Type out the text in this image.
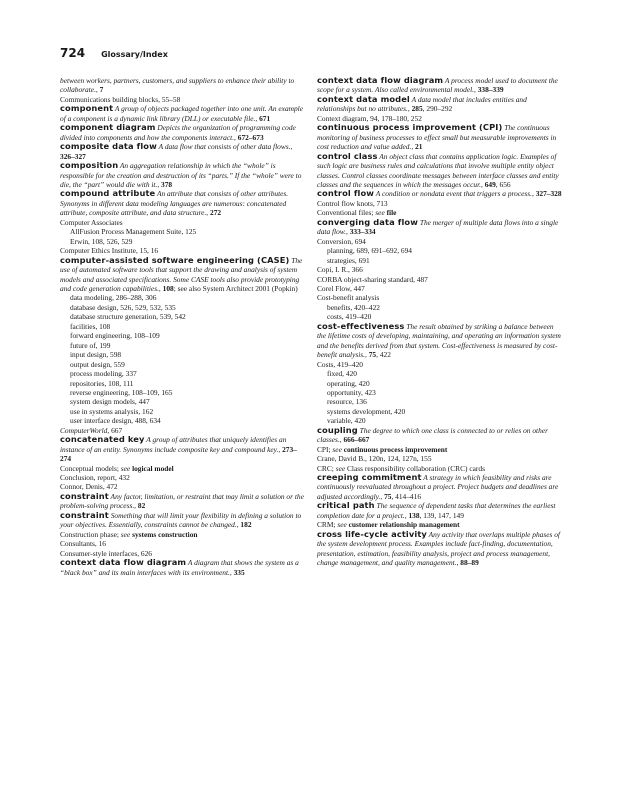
724 Glossary/Index

between workers, partners, customers, and suppliers to enhance their ability to collaborate., 7

Communications building blocks, 55–58

component A group of objects packaged together into one unit. An example of a component is a dynamic link library (DLL) or executable file., 671

component diagram Depicts the organization of programming code divided into components and how the components interact., 672–673

composite data flow A data flow that consists of other data flows., 326–327

composition An aggregation relationship in which the “whole” is responsible for the creation and destruction of its “parts.” If the “whole” were to die, the “part” would die with it., 378

compound attribute An attribute that consists of other attributes. Synonyms in different data modeling languages are numerous: concatenated attribute, composite attribute, and data structure., 272

Computer Associates

AllFusion Process Management Suite, 125

Erwin, 108, 526, 529

Computer Ethics Institute, 15, 16

computer-assisted software engineering (CASE) The use of automated software tools that support the drawing and analysis of system models and associated specifications. Some CASE tools also provide prototyping and code generation capabilities., 108; see also System Architect 2001 (Popkin)

data modeling, 286–288, 306

database design, 526, 529, 532, 535

database structure generation, 539, 542

facilities, 108

forward engineering, 108–109

future of, 199

input design, 598

output design, 559

process modeling, 337

repositories, 108, 111

reverse engineering, 108–109, 165

system design models, 447

use in systems analysis, 162

user interface design, 488, 634

ComputerWorld, 667

concatenated key A group of attributes that uniquely identifies an instance of an entity. Synonyms include composite key and compound key., 273–274

Conceptual models; see logical model

Conclusion, report, 432

Connor, Denis, 472

constraint Any factor, limitation, or restraint that may limit a solution or the problem-solving process., 82

constraint Something that will limit your flexibility in defining a solution to your objectives. Essentially, constraints cannot be changed., 182

Construction phase; see systems construction

Consultants, 16

Consumer-style interfaces, 626

context data flow diagram A diagram that shows the system as a “black box” and its main interfaces with its environment., 335

context data flow diagram A process model used to document the scope for a system. Also called environmental model., 338–339

context data model A data model that includes entities and relationships but no attributes., 285, 290–292

Context diagram, 94, 178–180, 252

continuous process improvement (CPI) The continuous monitoring of business processes to effect small but measurable improvements in cost reduction and value added., 21

control class An object class that contains application logic. Examples of such logic are business rules and calculations that involve multiple entity object classes. Control classes coordinate messages between interface classes and entity classes and the sequences in which the messages occur., 649, 656

control flow A condition or nondata event that triggers a process., 327–328

Control flow knots, 713

Conventional files; see file

converging data flow The merger of multiple data flows into a single data flow., 333–334

Conversion, 694

planning, 689, 691–692, 694

strategies, 691

Copi, I. R., 366

CORBA object-sharing standard, 487

Corel Flow, 447

Cost-benefit analysis

benefits, 420–422

costs, 419–420

cost-effectiveness The result obtained by striking a balance between the lifetime costs of developing, maintaining, and operating an information system and the benefits derived from that system. Cost-effectiveness is measured by cost-benefit analysis., 75, 422

Costs, 419–420

fixed, 420

operating, 420

opportunity, 423

resource, 136

systems development, 420

variable, 420

coupling The degree to which one class is connected to or relies on other classes., 666–667

CPI; see continuous process improvement

Crane, David B., 120n, 124, 127n, 155

CRC; see Class responsibility collaboration (CRC) cards

creeping commitment A strategy in which feasibility and risks are continuously reevaluated throughout a project. Project budgets and deadlines are adjusted accordingly., 75, 414–416

critical path The sequence of dependent tasks that determines the earliest completion date for a project., 138, 139, 147, 149

CRM; see customer relationship management

cross life-cycle activity Any activity that overlaps multiple phases of the system development process. Examples include fact-finding, documentation, presentation, estimation, feasibility analysis, project and process management, change management, and quality management., 88–89
